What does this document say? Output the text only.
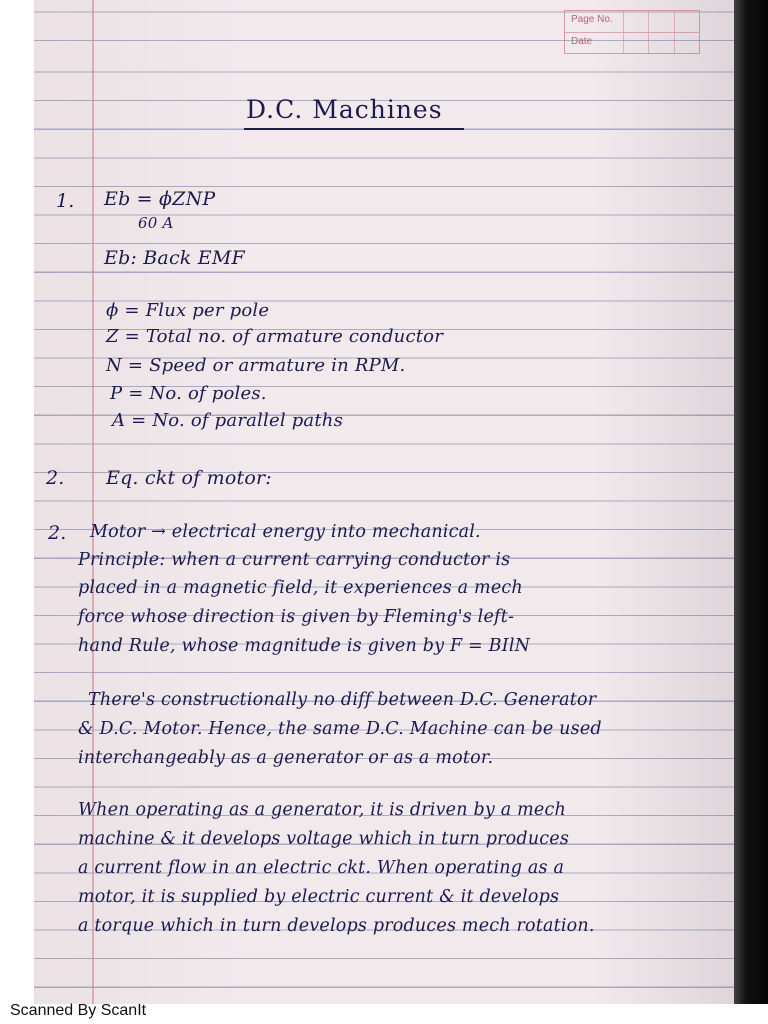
Page No.
Date
D.C. Machines
1. Eb = ϕZNP
60 A
Eb: Back EMF
ϕ = Flux per pole
Z = Total no. of armature conductor
N = Speed or armature in RPM.
P = No. of poles.
A = No. of parallel paths
2. Eq. ckt of motor:
2. Motor → electrical energy into mechanical.
Principle: when a current carrying conductor is
placed in a magnetic field, it experiences a mech
force whose direction is given by Fleming's left-
hand Rule, whose magnitude is given by F = BIlN
There's constructionally no diff between D.C. Generator
& D.C. Motor. Hence, the same D.C. Machine can be used
interchangeably as a generator or as a motor.
When operating as a generator, it is driven by a mech
machine & it develops voltage which in turn produces
a current flow in an electric ckt. When operating as a
motor, it is supplied by electric current & it develops
a torque which in turn develops produces mech rotation.
Scanned By ScanIt
